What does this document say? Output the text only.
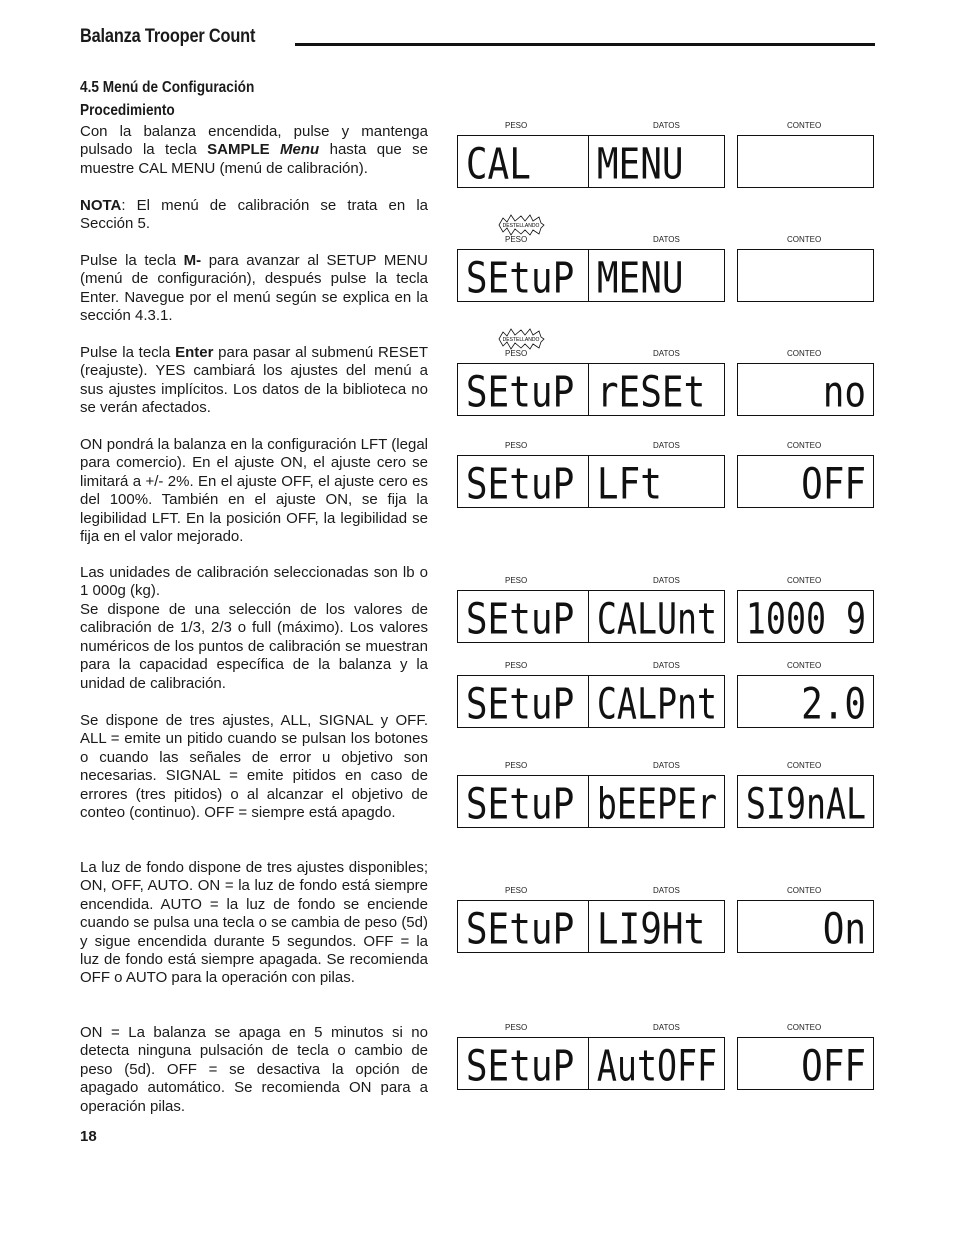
Balanza Trooper Count
4.5 Menú de Configuración
Procedimiento
Con la balanza encendida, pulse y mantenga pulsado la tecla SAMPLE Menu hasta que se muestre CAL MENU (menú de calibración).
NOTA: El menú de calibración se trata en la Sección 5.
Pulse la tecla M- para avanzar al SETUP MENU (menú de configuración), después pulse la tecla Enter. Navegue por el menú según se explica en la sección 4.3.1.
Pulse la tecla Enter para pasar al submenú RESET (reajuste). YES cambiará los ajustes del menú a sus ajustes implícitos. Los datos de la biblioteca no se verán afectados.
ON pondrá la balanza en la configuración LFT (legal para comercio). En el ajuste ON, el ajuste cero se limitará a +/- 2%. En el ajuste OFF, el ajuste cero es del 100%. También en el ajuste ON, se fija la legibilidad LFT. En la posición OFF, la legibilidad se fija en el valor mejorado.
Las unidades de calibración seleccionadas son lb o 1 000g (kg).
Se dispone de una selección de los valores de calibración de 1/3, 2/3 o full (máximo). Los valores numéricos de los puntos de calibración se muestran para la capacidad específica de la balanza y la unidad de calibración.
Se dispone de tres ajustes, ALL, SIGNAL y OFF. ALL = emite un pitido cuando se pulsan los botones o cuando las señales de error u objetivo son necesarias. SIGNAL = emite pitidos en caso de errores (tres pitidos) o al alcanzar el objetivo de conteo (continuo). OFF = siempre está apagdo.
La luz de fondo dispone de tres ajustes disponibles; ON, OFF, AUTO. ON = la luz de fondo está siempre encendida. AUTO = la luz de fondo se enciende cuando se pulsa una tecla o se cambia de peso (5d) y sigue encendida durante 5 segundos. OFF = la luz de fondo está siempre apagada. Se recomienda OFF o AUTO para la operación con pilas.
ON = La balanza se apaga en 5 minutos si no detecta ninguna pulsación de tecla o cambio de peso (5d). OFF = se desactiva la opción de apagado automático. Se recomienda ON para a operación pilas.
18
PESO
CAL
DATOS
MENU
CONTEO
PESO
SEtuP
DATOS
MENU
CONTEO
DESTELLANDO
PESO
SEtuP
DATOS
rESEt
CONTEO
no
DESTELLANDO
PESO
SEtuP
DATOS
LFt
CONTEO
OFF
PESO
SEtuP
DATOS
CALUnt
CONTEO
1000 9
PESO
SEtuP
DATOS
CALPnt
CONTEO
2.0
PESO
SEtuP
DATOS
bEEPEr
CONTEO
SI9nAL
PESO
SEtuP
DATOS
LI9Ht
CONTEO
On
PESO
SEtuP
DATOS
AutOFF
CONTEO
OFF
